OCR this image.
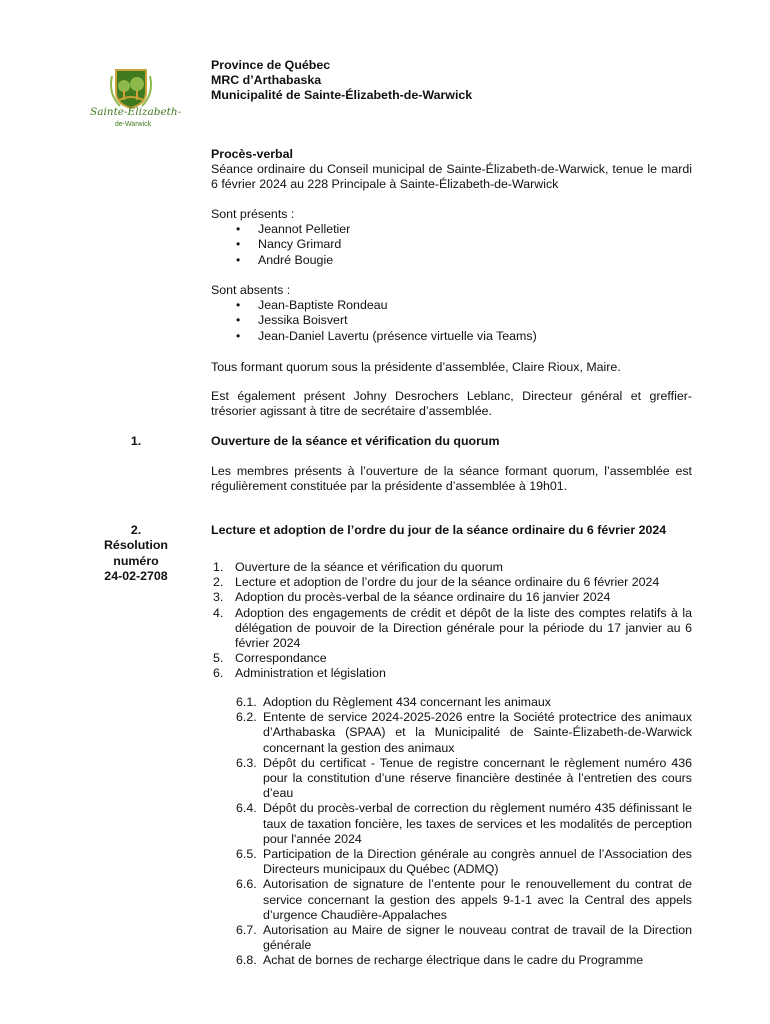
Sainte-Élizabeth-
de-Warwick
Province de Québec
MRC d’Arthabaska
Municipalité de Sainte-Élizabeth-de-Warwick
Procès-verbal
Séance ordinaire du Conseil municipal de Sainte-Élizabeth-de-Warwick, tenue le mardi 6 février 2024 au 228 Principale à Sainte-Élizabeth-de-Warwick
Sont présents :
• Jeannot Pelletier
• Nancy Grimard
• André Bougie
Sont absents :
• Jean-Baptiste Rondeau
• Jessika Boisvert
• Jean-Daniel Lavertu (présence virtuelle via Teams)
Tous formant quorum sous la présidente d’assemblée, Claire Rioux, Maire.
Est également présent Johny Desrochers Leblanc, Directeur général et greffier-trésorier agissant à titre de secrétaire d’assemblée.
1.	Ouverture de la séance et vérification du quorum
Les membres présents à l’ouverture de la séance formant quorum, l’assemblée est régulièrement constituée par la présidente d’assemblée à 19h01.
2.
Résolution
numéro
24-02-2708
Lecture et adoption de l’ordre du jour de la séance ordinaire du 6 février 2024
1. Ouverture de la séance et vérification du quorum
2. Lecture et adoption de l’ordre du jour de la séance ordinaire du 6 février 2024
3. Adoption du procès-verbal de la séance ordinaire du 16 janvier 2024
4. Adoption des engagements de crédit et dépôt de la liste des comptes relatifs à la délégation de pouvoir de la Direction générale pour la période du 17 janvier au 6 février 2024
5. Correspondance
6. Administration et législation
6.1. Adoption du Règlement 434 concernant les animaux
6.2. Entente de service 2024-2025-2026 entre la Société protectrice des animaux d’Arthabaska (SPAA) et la Municipalité de Sainte-Élizabeth-de-Warwick concernant la gestion des animaux
6.3. Dépôt du certificat - Tenue de registre concernant le règlement numéro 436 pour la constitution d’une réserve financière destinée à l’entretien des cours d’eau
6.4. Dépôt du procès-verbal de correction du règlement numéro 435 définissant le taux de taxation foncière, les taxes de services et les modalités de perception pour l'année 2024
6.5. Participation de la Direction générale au congrès annuel de l’Association des Directeurs municipaux du Québec (ADMQ)
6.6. Autorisation de signature de l’entente pour le renouvellement du contrat de service concernant la gestion des appels 9-1-1 avec la Central des appels d’urgence Chaudière-Appalaches
6.7. Autorisation au Maire de signer le nouveau contrat de travail de la Direction générale
6.8. Achat de bornes de recharge électrique dans le cadre du Programme
